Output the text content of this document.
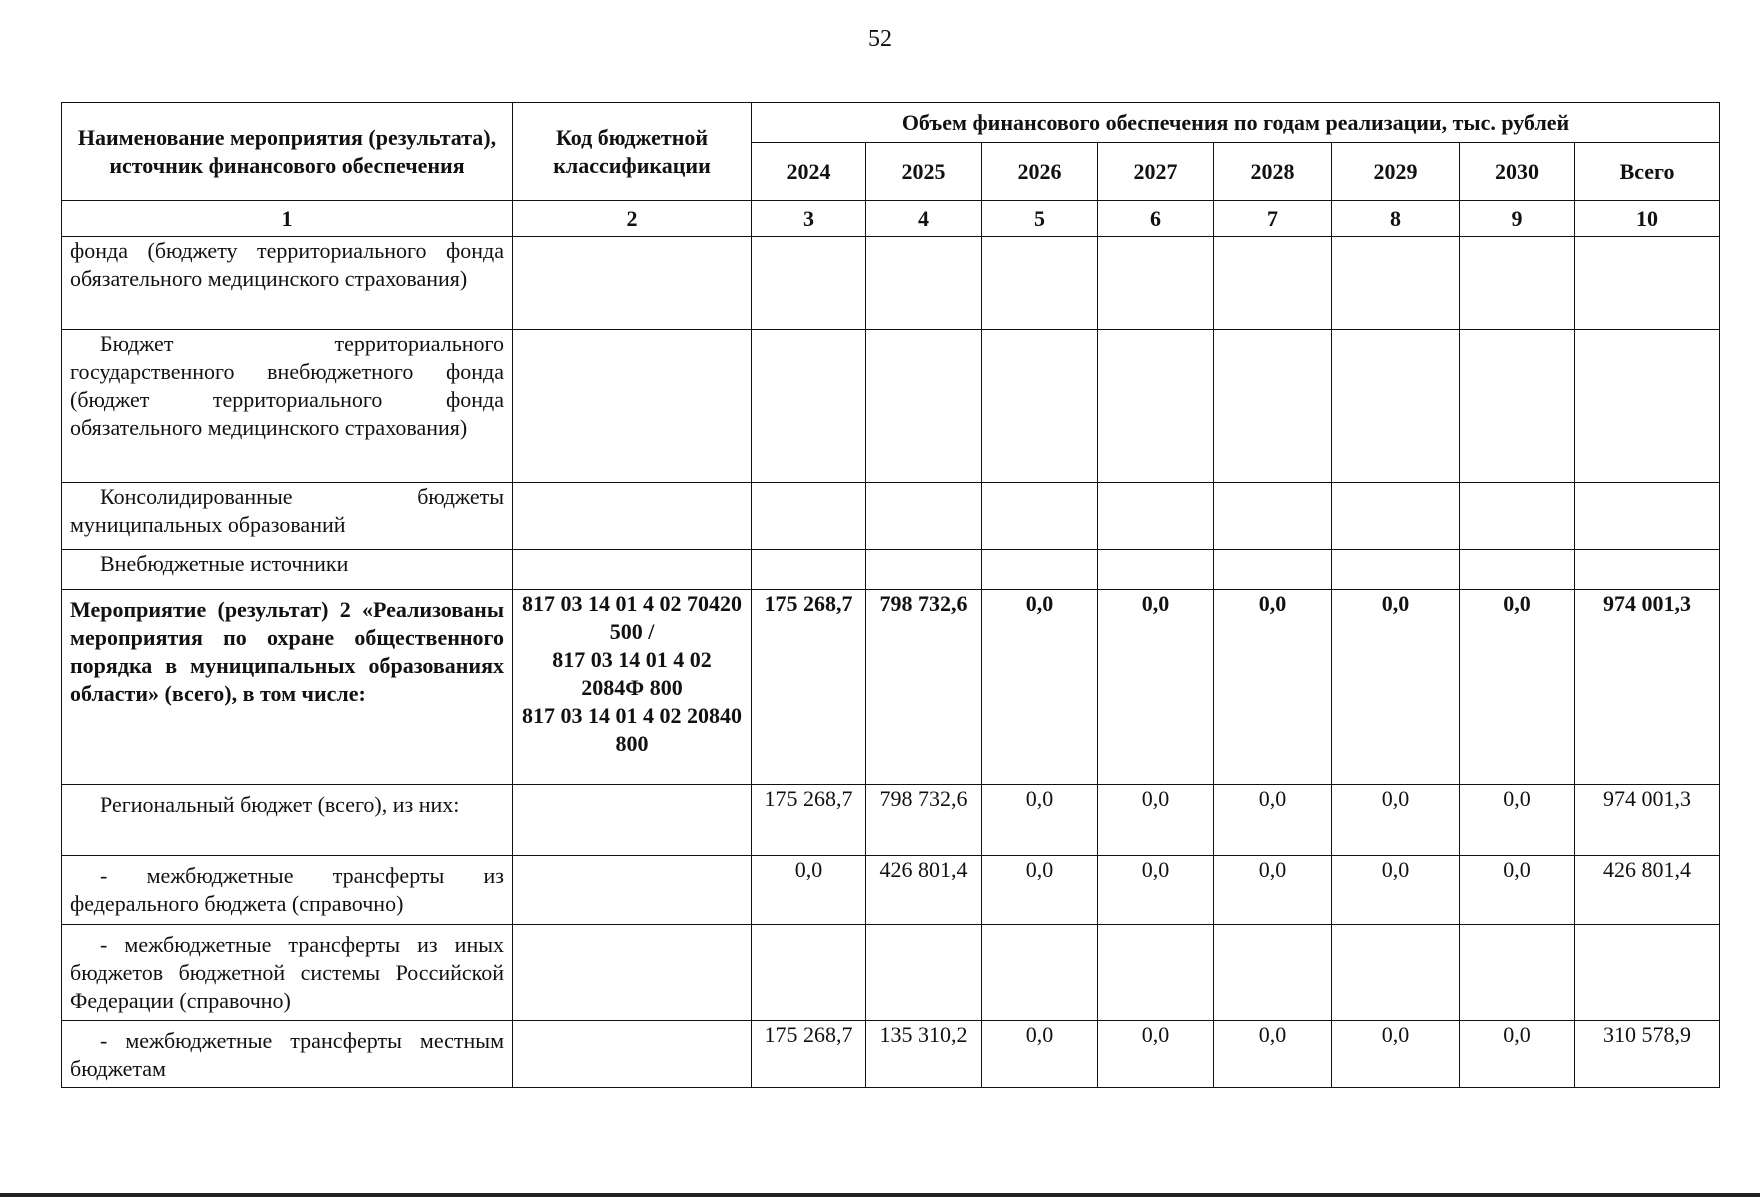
52
Наименование мероприятия (результата), источник финансового обеспечения	Код бюджетной классификации	Объем финансового обеспечения по годам реализации, тыс. рублей							
		2024	2025	2026	2027	2028	2029	2030	Всего
1	2	3	4	5	6	7	8	9	10
фонда (бюджету территориального фонда обязательного медицинского страхования)									
Бюджет территориального государственного внебюджетного фонда (бюджет территориального фонда обязательного медицинского страхования)									
Консолидированные бюджеты муниципальных образований									
Внебюджетные источники									
Мероприятие (результат) 2 «Реализованы мероприятия по охране общественного порядка в муниципальных образованиях области» (всего), в том числе:	817 03 14 01 4 02 70420 500 /
817 03 14 01 4 02 2084Ф 800
817 03 14 01 4 02 20840 800	175 268,7	798 732,6	0,0	0,0	0,0	0,0	0,0	974 001,3
Региональный бюджет (всего), из них:		175 268,7	798 732,6	0,0	0,0	0,0	0,0	0,0	974 001,3
- межбюджетные трансферты из федерального бюджета (справочно)		0,0	426 801,4	0,0	0,0	0,0	0,0	0,0	426 801,4
- межбюджетные трансферты из иных бюджетов бюджетной системы Российской Федерации (справочно)									
- межбюджетные трансферты местным бюджетам		175 268,7	135 310,2	0,0	0,0	0,0	0,0	0,0	310 578,9
